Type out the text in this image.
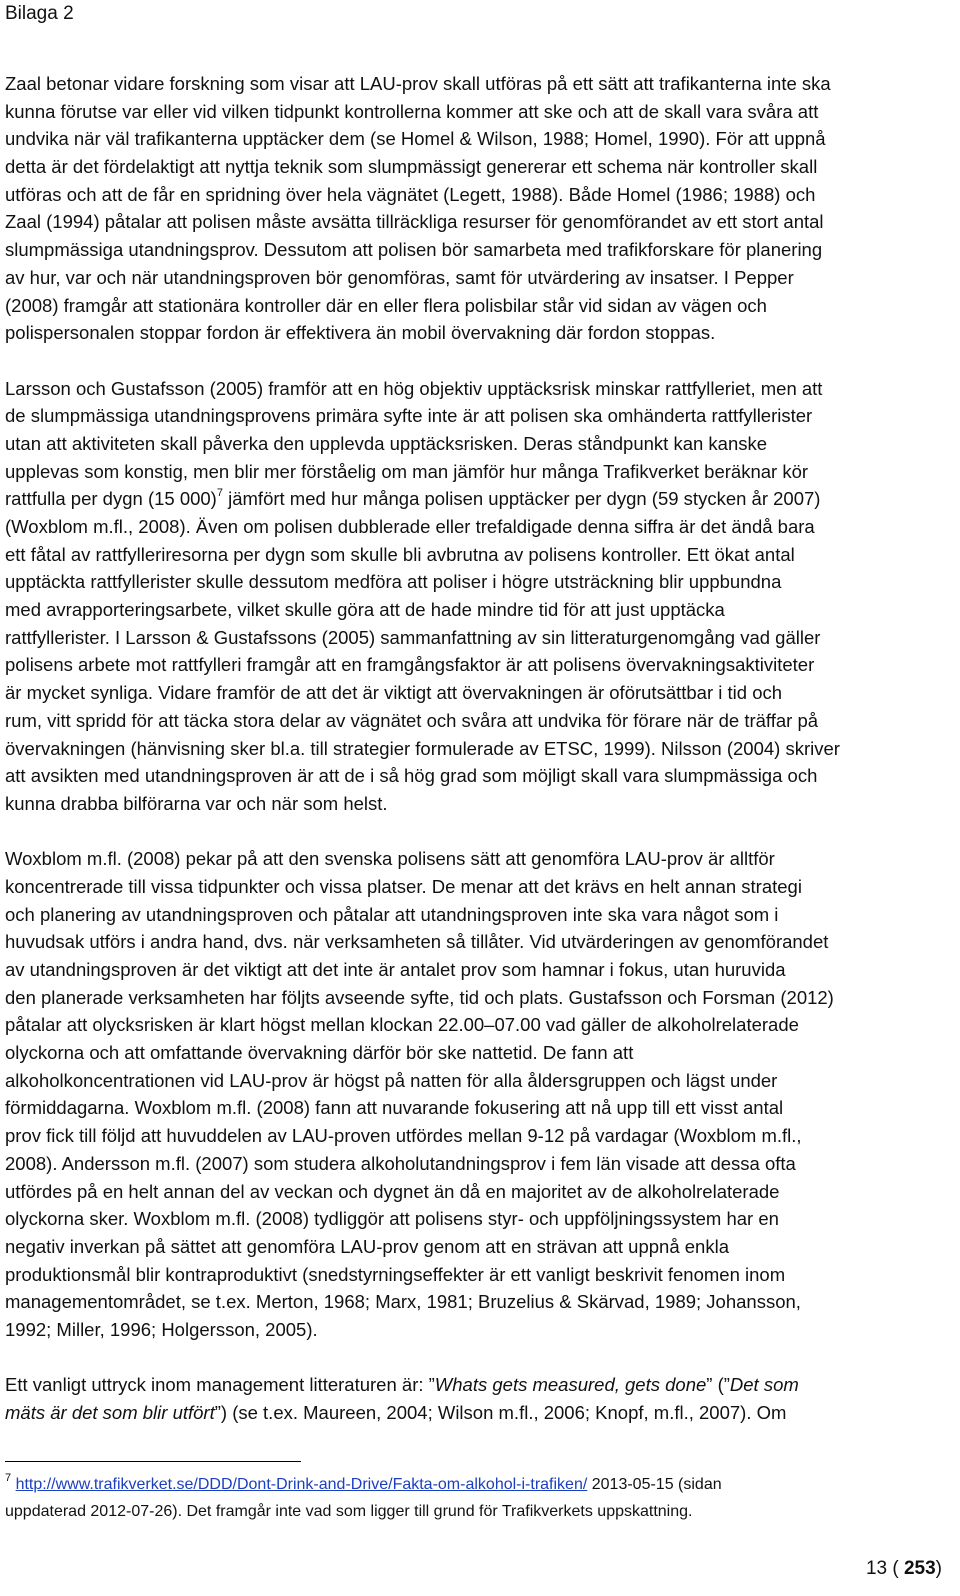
Bilaga 2
Zaal betonar vidare forskning som visar att LAU-prov skall utföras på ett sätt att trafikanterna inte ska
kunna förutse var eller vid vilken tidpunkt kontrollerna kommer att ske och att de skall vara svåra att
undvika när väl trafikanterna upptäcker dem (se Homel & Wilson, 1988; Homel, 1990). För att uppnå
detta är det fördelaktigt att nyttja teknik som slumpmässigt genererar ett schema när kontroller skall
utföras och att de får en spridning över hela vägnätet (Legett, 1988). Både Homel (1986; 1988) och
Zaal (1994) påtalar att polisen måste avsätta tillräckliga resurser för genomförandet av ett stort antal
slumpmässiga utandningsprov. Dessutom att polisen bör samarbeta med trafikforskare för planering
av hur, var och när utandningsproven bör genomföras, samt för utvärdering av insatser. I Pepper
(2008) framgår att stationära kontroller där en eller flera polisbilar står vid sidan av vägen och
polispersonalen stoppar fordon är effektivera än mobil övervakning där fordon stoppas.
Larsson och Gustafsson (2005) framför att en hög objektiv upptäcksrisk minskar rattfylleriet, men att
de slumpmässiga utandningsprovens primära syfte inte är att polisen ska omhänderta rattfyllerister
utan att aktiviteten skall påverka den upplevda upptäcksrisken. Deras ståndpunkt kan kanske
upplevas som konstig, men blir mer förståelig om man jämför hur många Trafikverket beräknar kör
rattfulla per dygn (15 000)$^7$ jämfört med hur många polisen upptäcker per dygn (59 stycken år 2007)
(Woxblom m.fl., 2008). Även om polisen dubblerade eller trefaldigade denna siffra är det ändå bara
ett fåtal av rattfylleriresorna per dygn som skulle bli avbrutna av polisens kontroller. Ett ökat antal
upptäckta rattfyllerister skulle dessutom medföra att poliser i högre utsträckning blir uppbundna
med avrapporteringsarbete, vilket skulle göra att de hade mindre tid för att just upptäcka
rattfyllerister. I Larsson & Gustafssons (2005) sammanfattning av sin litteraturgenomgång vad gäller
polisens arbete mot rattfylleri framgår att en framgångsfaktor är att polisens övervakningsaktiviteter
är mycket synliga. Vidare framför de att det är viktigt att övervakningen är oförutsättbar i tid och
rum, vitt spridd för att täcka stora delar av vägnätet och svåra att undvika för förare när de träffar på
övervakningen (hänvisning sker bl.a. till strategier formulerade av ETSC, 1999). Nilsson (2004) skriver
att avsikten med utandningsproven är att de i så hög grad som möjligt skall vara slumpmässiga och
kunna drabba bilförarna var och när som helst.
Woxblom m.fl. (2008) pekar på att den svenska polisens sätt att genomföra LAU-prov är alltför
koncentrerade till vissa tidpunkter och vissa platser. De menar att det krävs en helt annan strategi
och planering av utandningsproven och påtalar att utandningsproven inte ska vara något som i
huvudsak utförs i andra hand, dvs. när verksamheten så tillåter. Vid utvärderingen av genomförandet
av utandningsproven är det viktigt att det inte är antalet prov som hamnar i fokus, utan huruvida
den planerade verksamheten har följts avseende syfte, tid och plats. Gustafsson och Forsman (2012)
påtalar att olycksrisken är klart högst mellan klockan 22.00–07.00 vad gäller de alkoholrelaterade
olyckorna och att omfattande övervakning därför bör ske nattetid. De fann att
alkoholkoncentrationen vid LAU-prov är högst på natten för alla åldersgruppen och lägst under
förmiddagarna. Woxblom m.fl. (2008) fann att nuvarande fokusering att nå upp till ett visst antal
prov fick till följd att huvuddelen av LAU-proven utfördes mellan 9-12 på vardagar (Woxblom m.fl.,
2008). Andersson m.fl. (2007) som studera alkoholutandningsprov i fem län visade att dessa ofta
utfördes på en helt annan del av veckan och dygnet än då en majoritet av de alkoholrelaterade
olyckorna sker. Woxblom m.fl. (2008) tydliggör att polisens styr- och uppföljningssystem har en
negativ inverkan på sättet att genomföra LAU-prov genom att en strävan att uppnå enkla
produktionsmål blir kontraproduktivt (snedstyrningseffekter är ett vanligt beskrivit fenomen inom
managementområdet, se t.ex. Merton, 1968; Marx, 1981; Bruzelius & Skärvad, 1989; Johansson,
1992; Miller, 1996; Holgersson, 2005).
Ett vanligt uttryck inom management litteraturen är: ”Whats gets measured, gets done” (”Det som
mäts är det som blir utfört”) (se t.ex. Maureen, 2004; Wilson m.fl., 2006; Knopf, m.fl., 2007). Om
$^7$ http://www.trafikverket.se/DDD/Dont-Drink-and-Drive/Fakta-om-alkohol-i-trafiken/ 2013-05-15 (sidan
uppdaterad 2012-07-26). Det framgår inte vad som ligger till grund för Trafikverkets uppskattning.
13 ( 253)
